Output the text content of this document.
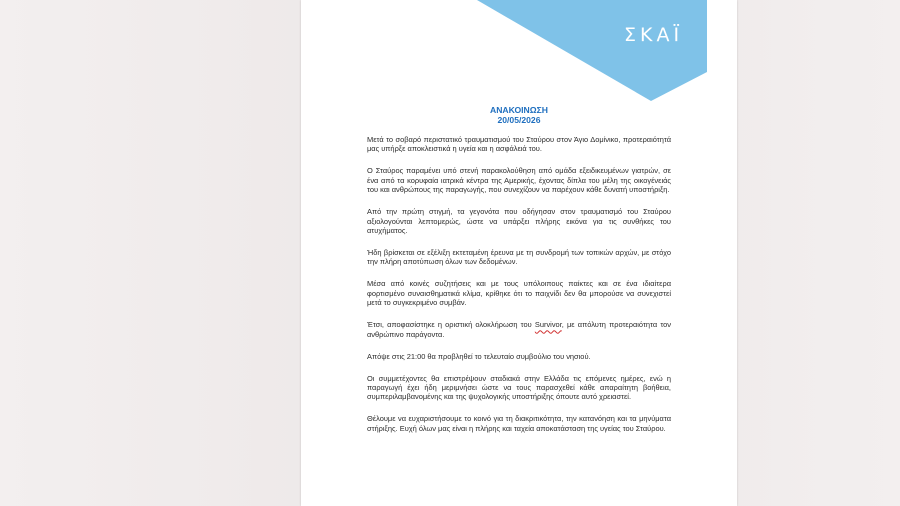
ΣΚΑΪ
ΑΝΑΚΟΙΝΩΣΗ
20/05/2026

Μετά το σοβαρό περιστατικό τραυματισμού του Σταύρου στον Άγιο Δομίνικο, προτεραιότητά μας υπήρξε αποκλειστικά η υγεία και η ασφάλειά του.

Ο Σταύρος παραμένει υπό στενή παρακολούθηση από ομάδα εξειδικευμένων γιατρών, σε ένα από τα κορυφαία ιατρικά κέντρα της Αμερικής, έχοντας δίπλα του μέλη της οικογένειάς του και ανθρώπους της παραγωγής, που συνεχίζουν να παρέχουν κάθε δυνατή υποστήριξη.

Από την πρώτη στιγμή, τα γεγονότα που οδήγησαν στον τραυματισμό του Σταύρου αξιολογούνται λεπτομερώς, ώστε να υπάρξει πλήρης εικόνα για τις συνθήκες του ατυχήματος.

Ήδη βρίσκεται σε εξέλιξη εκτεταμένη έρευνα με τη συνδρομή των τοπικών αρχών, με στόχο την πλήρη αποτύπωση όλων των δεδομένων.

Μέσα από κοινές συζητήσεις και με τους υπόλοιπους παίκτες και σε ένα ιδιαίτερα φορτισμένο συναισθηματικά κλίμα, κρίθηκε ότι το παιχνίδι δεν θα μπορούσε να συνεχιστεί μετά το συγκεκριμένο συμβάν.

Έτσι, αποφασίστηκε η οριστική ολοκλήρωση του Survivor, με απόλυτη προτεραιότητα τον ανθρώπινο παράγοντα.

Απόψε στις 21:00 θα προβληθεί το τελευταίο συμβούλιο του νησιού.

Οι συμμετέχοντες θα επιστρέψουν σταδιακά στην Ελλάδα τις επόμενες ημέρες, ενώ η παραγωγή έχει ήδη μεριμνήσει ώστε να τους παρασχεθεί κάθε απαραίτητη βοήθεια, συμπεριλαμβανομένης και της ψυχολογικής υποστήριξης όπουτε αυτό χρειαστεί.

Θέλουμε να ευχαριστήσουμε το κοινό για τη διακριτικότητα, την κατανόηση και τα μηνύματα στήριξης. Ευχή όλων μας είναι η πλήρης και ταχεία αποκατάσταση της υγείας του Σταύρου.
